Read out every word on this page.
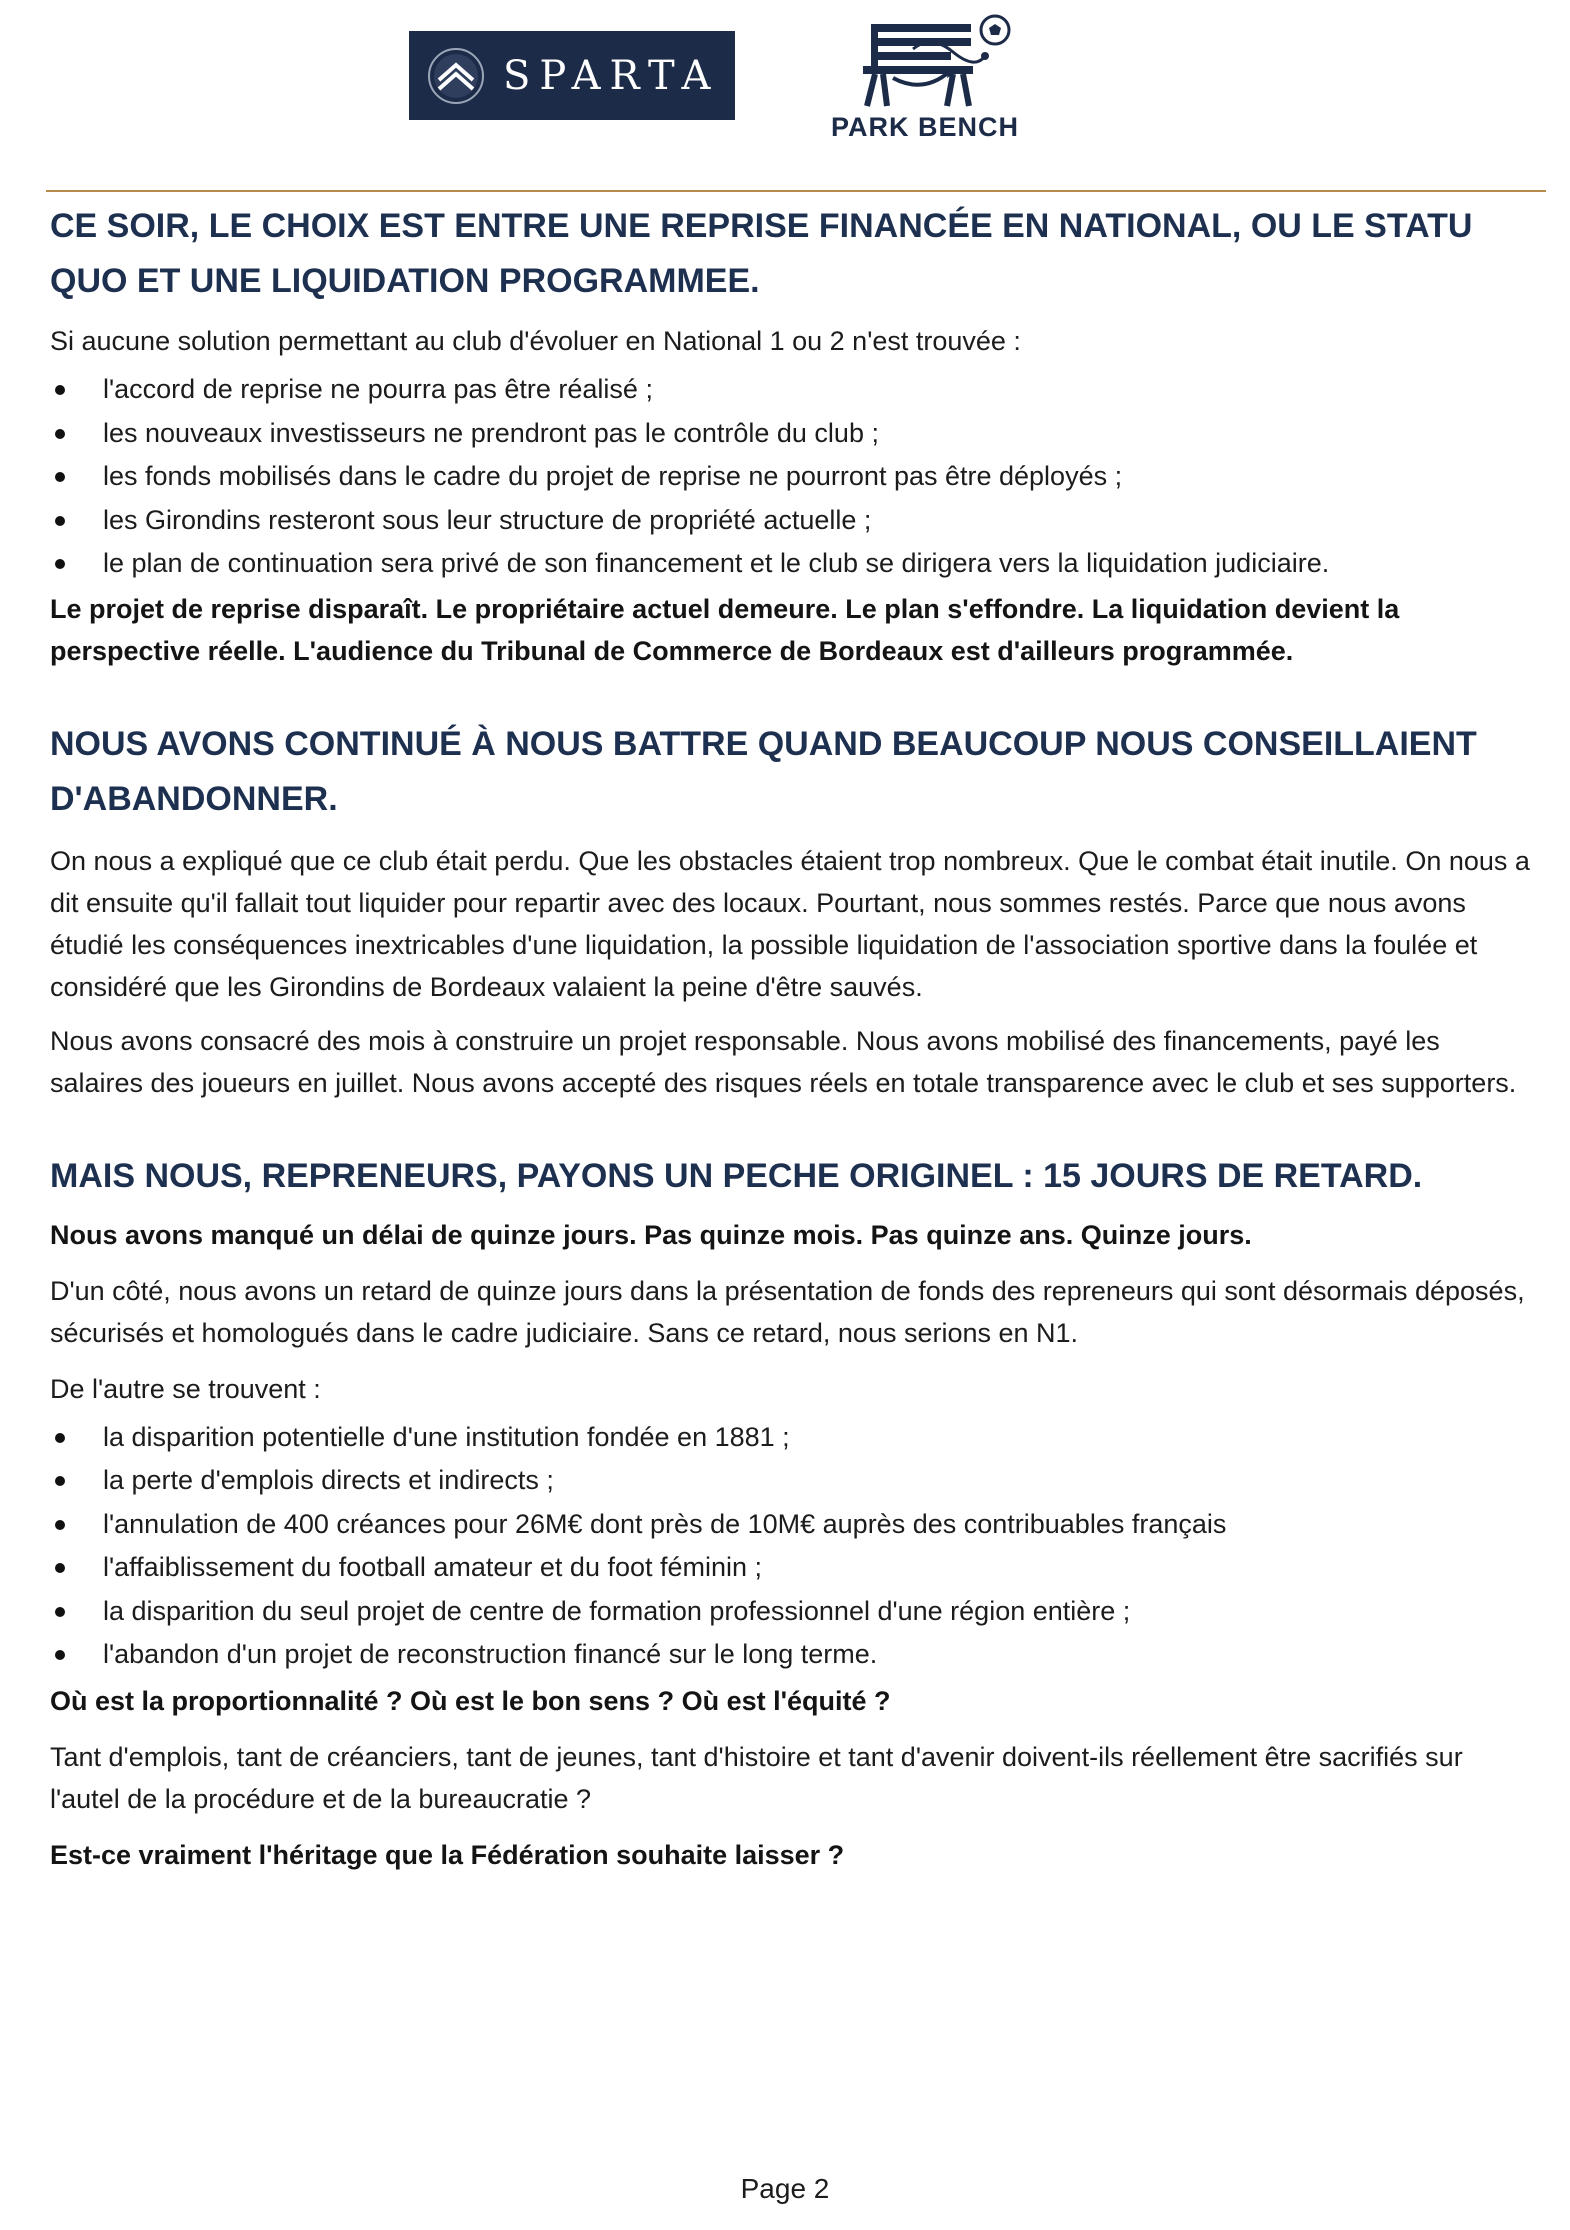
SPARTA
PARK BENCH
CE SOIR, LE CHOIX EST ENTRE UNE REPRISE FINANCÉE EN NATIONAL, OU LE STATU QUO ET UNE LIQUIDATION PROGRAMMEE.

Si aucune solution permettant au club d'évoluer en National 1 ou 2 n'est trouvée :

l'accord de reprise ne pourra pas être réalisé ;
les nouveaux investisseurs ne prendront pas le contrôle du club ;
les fonds mobilisés dans le cadre du projet de reprise ne pourront pas être déployés ;
les Girondins resteront sous leur structure de propriété actuelle ;
le plan de continuation sera privé de son financement et le club se dirigera vers la liquidation judiciaire.

Le projet de reprise disparaît. Le propriétaire actuel demeure. Le plan s'effondre. La liquidation devient la perspective réelle. L'audience du Tribunal de Commerce de Bordeaux est d'ailleurs programmée.

NOUS AVONS CONTINUÉ À NOUS BATTRE QUAND BEAUCOUP NOUS CONSEILLAIENT D'ABANDONNER.

On nous a expliqué que ce club était perdu. Que les obstacles étaient trop nombreux. Que le combat était inutile. On nous a dit ensuite qu'il fallait tout liquider pour repartir avec des locaux. Pourtant, nous sommes restés. Parce que nous avons étudié les conséquences inextricables d'une liquidation, la possible liquidation de l'association sportive dans la foulée et considéré que les Girondins de Bordeaux valaient la peine d'être sauvés.

Nous avons consacré des mois à construire un projet responsable. Nous avons mobilisé des financements, payé les salaires des joueurs en juillet. Nous avons accepté des risques réels en totale transparence avec le club et ses supporters.

MAIS NOUS, REPRENEURS, PAYONS UN PECHE ORIGINEL : 15 JOURS DE RETARD.

Nous avons manqué un délai de quinze jours. Pas quinze mois. Pas quinze ans. Quinze jours.

D'un côté, nous avons un retard de quinze jours dans la présentation de fonds des repreneurs qui sont désormais déposés, sécurisés et homologués dans le cadre judiciaire. Sans ce retard, nous serions en N1.

De l'autre se trouvent :

la disparition potentielle d'une institution fondée en 1881 ;
la perte d'emplois directs et indirects ;
l'annulation de 400 créances pour 26M€ dont près de 10M€ auprès des contribuables français
l'affaiblissement du football amateur et du foot féminin ;
la disparition du seul projet de centre de formation professionnel d'une région entière ;
l'abandon d'un projet de reconstruction financé sur le long terme.

Où est la proportionnalité ? Où est le bon sens ? Où est l'équité ?

Tant d'emplois, tant de créanciers, tant de jeunes, tant d'histoire et tant d'avenir doivent-ils réellement être sacrifiés sur l'autel de la procédure et de la bureaucratie ?

Est-ce vraiment l'héritage que la Fédération souhaite laisser ?

Page 2
